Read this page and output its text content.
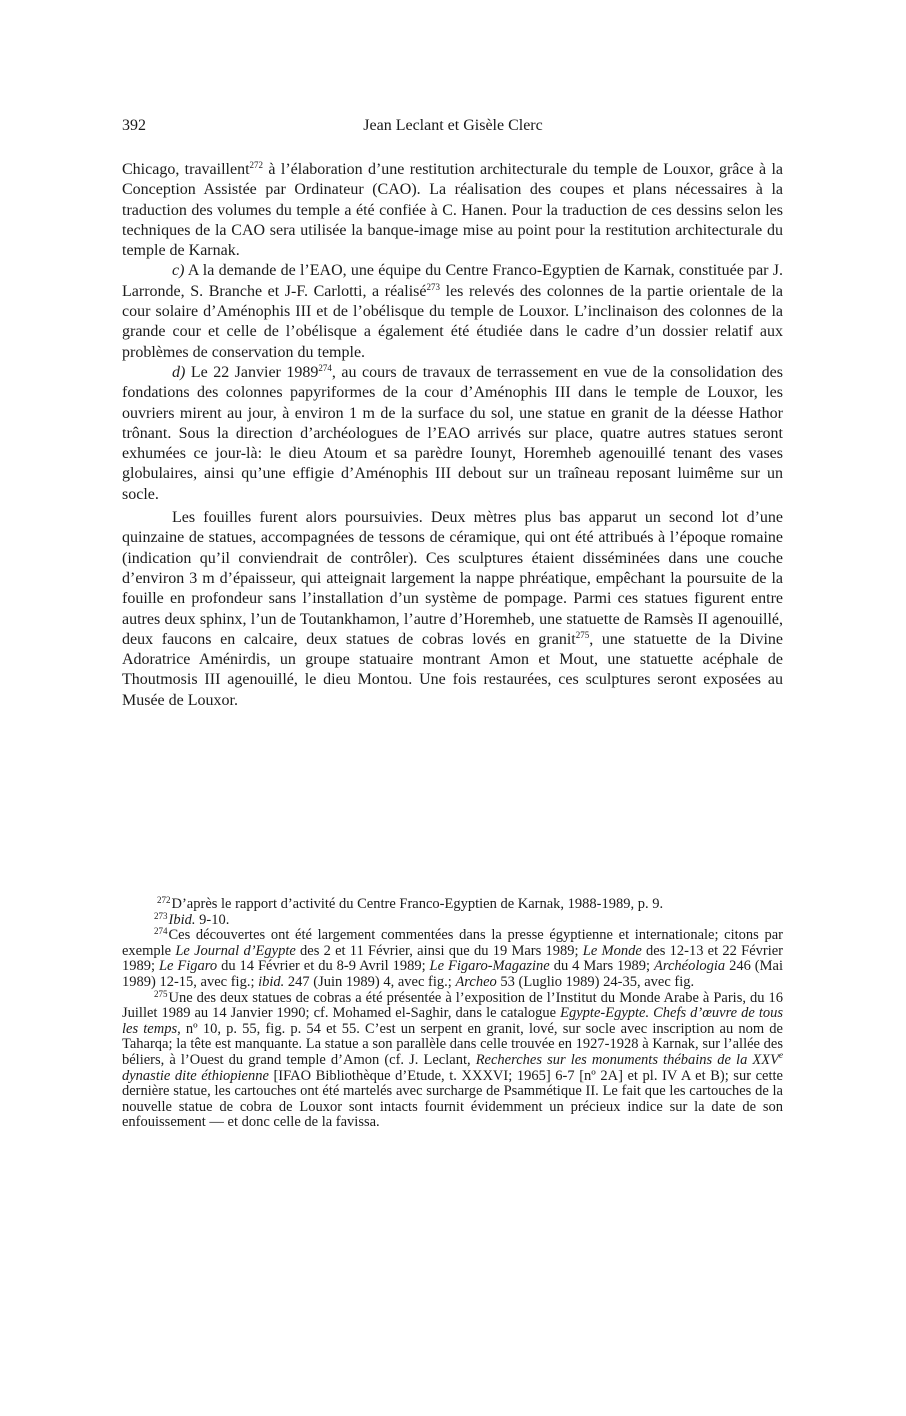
392	Jean Leclant et Gisèle Clerc

Chicago, travaillent$^{272}$ à l’élaboration d’une restitution architecturale du temple de Louxor, grâce à la Conception Assistée par Ordinateur (CAO). La réalisation des coupes et plans nécessaires à la traduction des volumes du temple a été confiée à C. Hanen. Pour la traduction de ces dessins selon les techniques de la CAO sera utilisée la banque-image mise au point pour la restitution architecturale du temple de Karnak.

c) A la demande de l’EAO, une équipe du Centre Franco-Egyptien de Karnak, constituée par J. Larronde, S. Branche et J-F. Carlotti, a réalisé$^{273}$ les relevés des colonnes de la partie orientale de la cour solaire d’Aménophis III et de l’obélisque du temple de Louxor. L’inclinaison des colonnes de la grande cour et celle de l’obélisque a également été étudiée dans le cadre d’un dossier relatif aux problèmes de conservation du temple.

d) Le 22 Janvier 1989$^{274}$, au cours de travaux de terrassement en vue de la consolidation des fondations des colonnes papyriformes de la cour d’Aménophis III dans le temple de Louxor, les ouvriers mirent au jour, à environ 1 m de la surface du sol, une statue en granit de la déesse Hathor trônant. Sous la direction d’archéologues de l’EAO arrivés sur place, quatre autres statues seront exhumées ce jour-là: le dieu Atoum et sa parèdre Iounyt, Horemheb agenouillé tenant des vases globulaires, ainsi qu’une effigie d’Aménophis III debout sur un traîneau reposant luimême sur un socle.

Les fouilles furent alors poursuivies. Deux mètres plus bas apparut un second lot d’une quinzaine de statues, accompagnées de tessons de céramique, qui ont été attribués à l’époque romaine (indication qu’il conviendrait de contrôler). Ces sculptures étaient disséminées dans une couche d’environ 3 m d’épaisseur, qui atteignait largement la nappe phréatique, empêchant la poursuite de la fouille en profondeur sans l’installation d’un système de pompage. Parmi ces statues figurent entre autres deux sphinx, l’un de Toutankhamon, l’autre d’Horemheb, une statuette de Ramsès II agenouillé, deux faucons en calcaire, deux statues de cobras lovés en granit$^{275}$, une statuette de la Divine Adoratrice Aménirdis, un groupe statuaire montrant Amon et Mout, une statuette acéphale de Thoutmosis III agenouillé, le dieu Montou. Une fois restaurées, ces sculptures seront exposées au Musée de Louxor.

$^{272}$D’après le rapport d’activité du Centre Franco-Egyptien de Karnak, 1988-1989, p. 9.

$^{273}$Ibid. 9-10.

$^{274}$Ces découvertes ont été largement commentées dans la presse égyptienne et internationale; citons par exemple Le Journal d’Egypte des 2 et 11 Février, ainsi que du 19 Mars 1989; Le Monde des 12-13 et 22 Février 1989; Le Figaro du 14 Février et du 8-9 Avril 1989; Le Figaro-Magazine du 4 Mars 1989; Archéologia 246 (Mai 1989) 12-15, avec fig.; ibid. 247 (Juin 1989) 4, avec fig.; Archeo 53 (Luglio 1989) 24-35, avec fig.

$^{275}$Une des deux statues de cobras a été présentée à l’exposition de l’Institut du Monde Arabe à Paris, du 16 Juillet 1989 au 14 Janvier 1990; cf. Mohamed el-Saghir, dans le catalogue Egypte-Egypte. Chefs d’œuvre de tous les temps, nº 10, p. 55, fig. p. 54 et 55. C’est un serpent en granit, lové, sur socle avec inscription au nom de Taharqa; la tête est manquante. La statue a son parallèle dans celle trouvée en 1927-1928 à Karnak, sur l’allée des béliers, à l’Ouest du grand temple d’Amon (cf. J. Leclant, Recherches sur les monuments thébains de la XXVe dynastie dite éthiopienne [IFAO Bibliothèque d’Etude, t. XXXVI; 1965] 6-7 [nº 2A] et pl. IV A et B); sur cette dernière statue, les cartouches ont été martelés avec surcharge de Psammétique II. Le fait que les cartouches de la nouvelle statue de cobra de Louxor sont intacts fournit évidemment un précieux indice sur la date de son enfouissement — et donc celle de la favissa.
